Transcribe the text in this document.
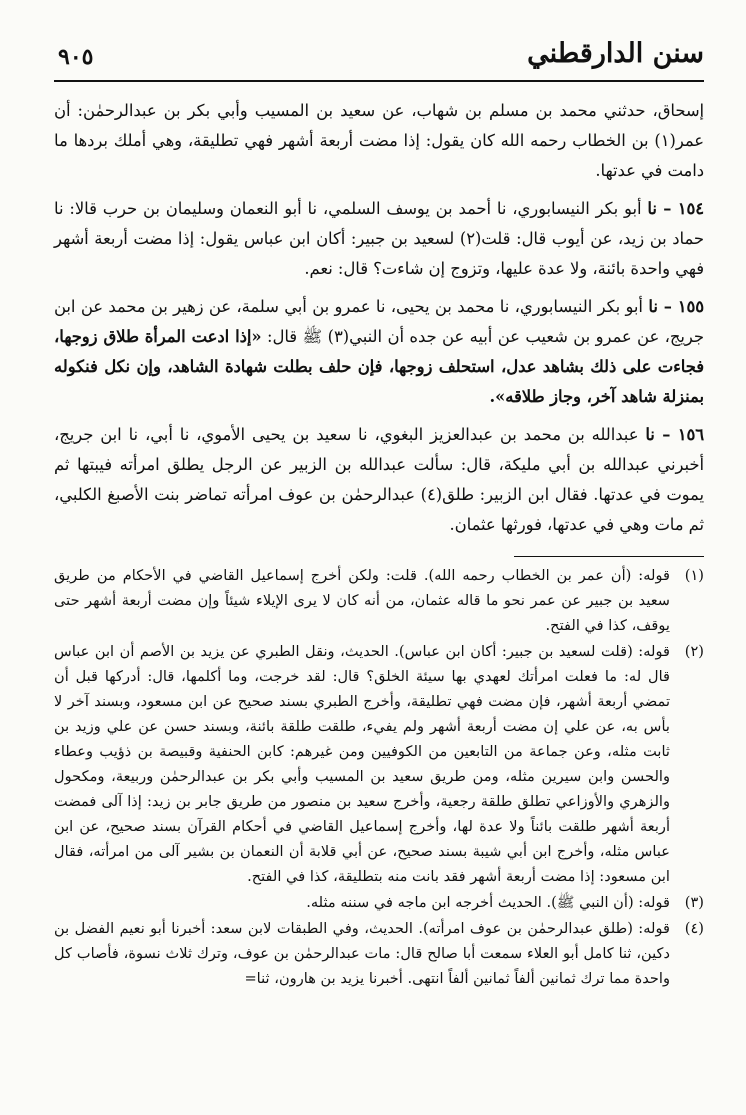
سنن الدارقطني
٩٠٥

إسحاق، حدثني محمد بن مسلم بن شهاب، عن سعيد بن المسيب وأبي بكر بن عبدالرحمٰن: أن عمر(١) بن الخطاب رحمه الله كان يقول: إذا مضت أربعة أشهر فهي تطليقة، وهي أملك بردها ما دامت في عدتها.

١٥٤ – نا أبو بكر النيسابوري، نا أحمد بن يوسف السلمي، نا أبو النعمان وسليمان بن حرب قالا: نا حماد بن زيد، عن أيوب قال: قلت(٢) لسعيد بن جبير: أكان ابن عباس يقول: إذا مضت أربعة أشهر فهي واحدة بائنة، ولا عدة عليها، وتزوج إن شاءت؟ قال: نعم.

١٥٥ – نا أبو بكر النيسابوري، نا محمد بن يحيى، نا عمرو بن أبي سلمة، عن زهير بن محمد عن ابن جريج، عن عمرو بن شعيب عن أبيه عن جده أن النبي(٣) ﷺ قال: «إذا ادعت المرأة طلاق زوجها، فجاءت على ذلك بشاهد عدل، استحلف زوجها، فإن حلف بطلت شهادة الشاهد، وإن نكل فنكوله بمنزلة شاهد آخر، وجاز طلاقه».

١٥٦ – نا عبدالله بن محمد بن عبدالعزيز البغوي، نا سعيد بن يحيى الأموي، نا أبي، نا ابن جريج، أخبرني عبدالله بن أبي مليكة، قال: سألت عبدالله بن الزبير عن الرجل يطلق امرأته فيبتها ثم يموت في عدتها. فقال ابن الزبير: طلق(٤) عبدالرحمٰن بن عوف امرأته تماضر بنت الأصبغ الكلبي، ثم مات وهي في عدتها، فورثها عثمان.

(١)
قوله: (أن عمر بن الخطاب رحمه الله). قلت: ولكن أخرج إسماعيل القاضي في الأحكام من طريق سعيد بن جبير عن عمر نحو ما قاله عثمان، من أنه كان لا يرى الإيلاء شيئاً وإن مضت أربعة أشهر حتى يوقف، كذا في الفتح.
(٢)
قوله: (قلت لسعيد بن جبير: أكان ابن عباس). الحديث، ونقل الطبري عن يزيد بن الأصم أن ابن عباس قال له: ما فعلت امرأتك لعهدي بها سيئة الخلق؟ قال: لقد خرجت، وما أكلمها، قال: أدركها قبل أن تمضي أربعة أشهر، فإن مضت فهي تطليقة، وأخرج الطبري بسند صحيح عن ابن مسعود، وبسند آخر لا بأس به، عن علي إن مضت أربعة أشهر ولم يفيء، طلقت طلقة بائنة، وبسند حسن عن علي وزيد بن ثابت مثله، وعن جماعة من التابعين من الكوفيين ومن غيرهم: كابن الحنفية وقبيصة بن ذؤيب وعطاء والحسن وابن سيرين مثله، ومن طريق سعيد بن المسيب وأبي بكر بن عبدالرحمٰن وربيعة، ومكحول والزهري والأوزاعي تطلق طلقة رجعية، وأخرج سعيد بن منصور من طريق جابر بن زيد: إذا آلى فمضت أربعة أشهر طلقت بائناً ولا عدة لها، وأخرج إسماعيل القاضي في أحكام القرآن بسند صحيح، عن ابن عباس مثله، وأخرج ابن أبي شيبة بسند صحيح، عن أبي قلابة أن النعمان بن بشير آلى من امرأته، فقال ابن مسعود: إذا مضت أربعة أشهر فقد بانت منه بتطليقة، كذا في الفتح.
(٣)
قوله: (أن النبي ﷺ). الحديث أخرجه ابن ماجه في سننه مثله.
(٤)
قوله: (طلق عبدالرحمٰن بن عوف امرأته). الحديث، وفي الطبقات لابن سعد: أخبرنا أبو نعيم الفضل بن دكين، ثنا كامل أبو العلاء سمعت أبا صالح قال: مات عبدالرحمٰن بن عوف، وترك ثلاث نسوة، فأصاب كل واحدة مما ترك ثمانين ألفاً ثمانين ألفاً انتهى. أخبرنا يزيد بن هارون، ثنا=
